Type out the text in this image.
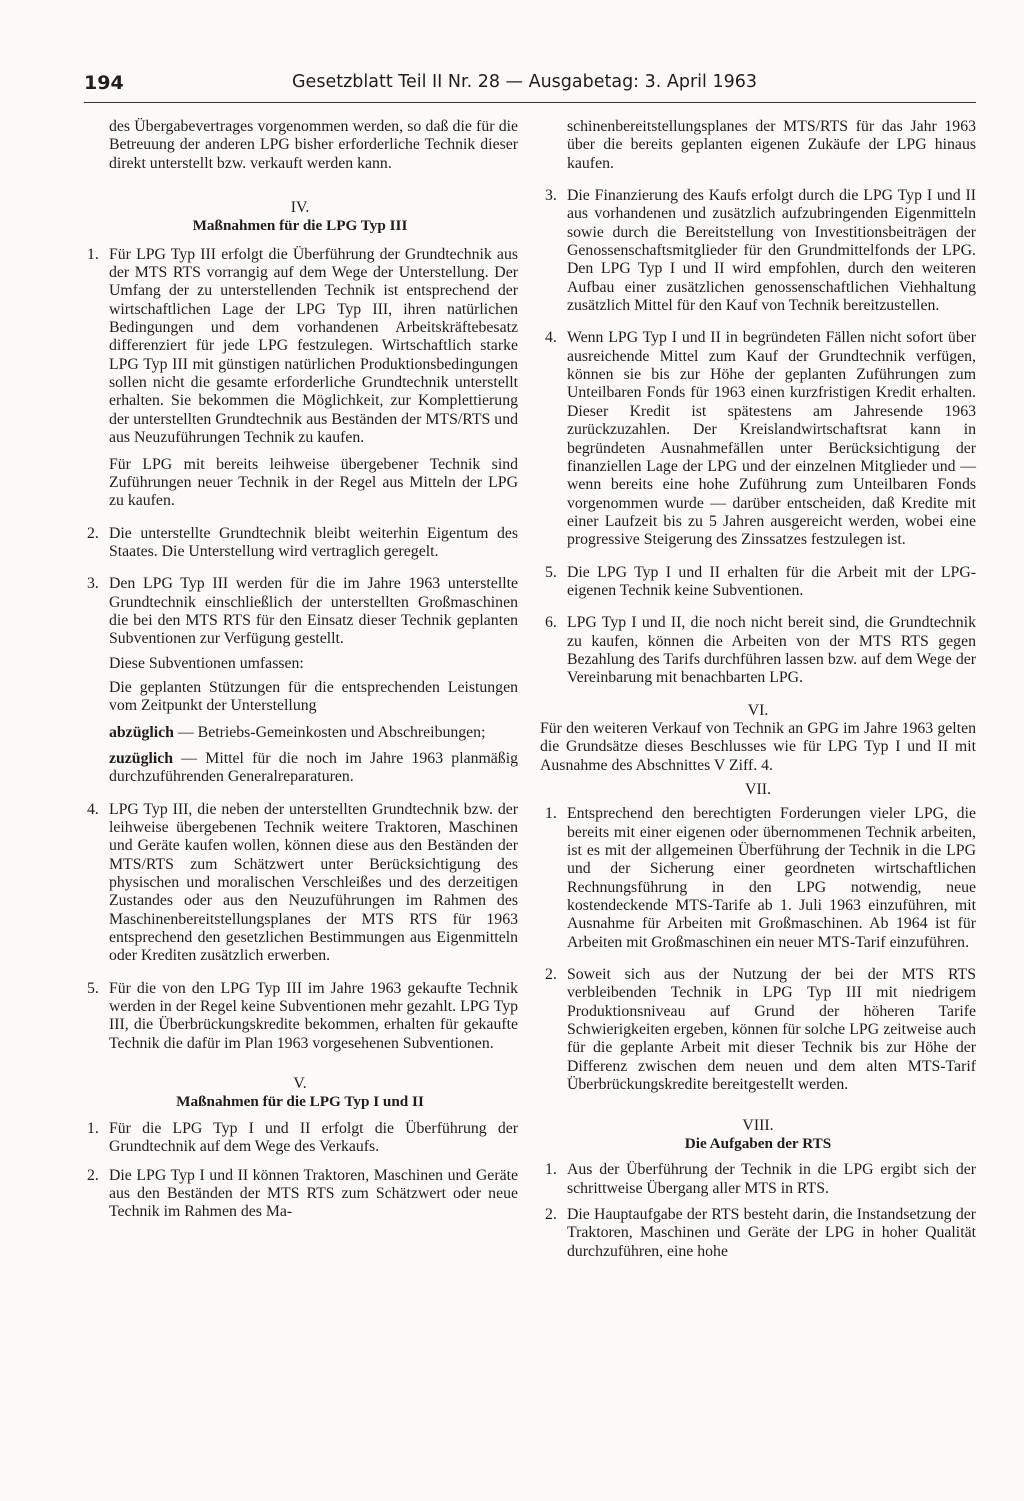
194	Gesetzblatt Teil II Nr. 28 — Ausgabetag: 3. April 1963

des Übergabevertrages vorgenommen werden, so daß die für die Betreuung der anderen LPG bisher erforderliche Technik dieser direkt unterstellt bzw. verkauft werden kann.

IV.
Maßnahmen für die LPG Typ III
1. Für LPG Typ III erfolgt die Überführung der Grundtechnik aus der MTS RTS vorrangig auf dem Wege der Unterstellung. Der Umfang der zu unterstellenden Technik ist entsprechend der wirtschaftlichen Lage der LPG Typ III, ihren natürlichen Bedingungen und dem vorhandenen Arbeitskräftebesatz differenziert für jede LPG festzulegen. Wirtschaftlich starke LPG Typ III mit günstigen natürlichen Produktionsbedingungen sollen nicht die gesamte erforderliche Grundtechnik unterstellt erhalten. Sie bekommen die Möglichkeit, zur Komplettierung der unterstellten Grundtechnik aus Beständen der MTS/RTS und aus Neuzuführungen Technik zu kaufen.

Für LPG mit bereits leihweise übergebener Technik sind Zuführungen neuer Technik in der Regel aus Mitteln der LPG zu kaufen.

2. Die unterstellte Grundtechnik bleibt weiterhin Eigentum des Staates. Die Unterstellung wird vertraglich geregelt.

3. Den LPG Typ III werden für die im Jahre 1963 unterstellte Grundtechnik einschließlich der unterstellten Großmaschinen die bei den MTS RTS für den Einsatz dieser Technik geplanten Subventionen zur Verfügung gestellt.

Diese Subventionen umfassen:

Die geplanten Stützungen für die entsprechenden Leistungen vom Zeitpunkt der Unterstellung

abzüglich — Betriebs-Gemeinkosten und Abschreibungen;

zuzüglich — Mittel für die noch im Jahre 1963 planmäßig durchzuführenden Generalreparaturen.

4. LPG Typ III, die neben der unterstellten Grundtechnik bzw. der leihweise übergebenen Technik weitere Traktoren, Maschinen und Geräte kaufen wollen, können diese aus den Beständen der MTS/RTS zum Schätzwert unter Berücksichtigung des physischen und moralischen Verschleißes und des derzeitigen Zustandes oder aus den Neuzuführungen im Rahmen des Maschinenbereitstellungsplanes der MTS RTS für 1963 entsprechend den gesetzlichen Bestimmungen aus Eigenmitteln oder Krediten zusätzlich erwerben.

5. Für die von den LPG Typ III im Jahre 1963 gekaufte Technik werden in der Regel keine Subventionen mehr gezahlt. LPG Typ III, die Überbrückungskredite bekommen, erhalten für gekaufte Technik die dafür im Plan 1963 vorgesehenen Subventionen.

V.
Maßnahmen für die LPG Typ I und II
1. Für die LPG Typ I und II erfolgt die Überführung der Grundtechnik auf dem Wege des Verkaufs.

2. Die LPG Typ I und II können Traktoren, Maschinen und Geräte aus den Beständen der MTS RTS zum Schätzwert oder neue Technik im Rahmen des Ma-

schinenbereitstellungsplanes der MTS/RTS für das Jahr 1963 über die bereits geplanten eigenen Zukäufe der LPG hinaus kaufen.

3. Die Finanzierung des Kaufs erfolgt durch die LPG Typ I und II aus vorhandenen und zusätzlich aufzubringenden Eigenmitteln sowie durch die Bereitstellung von Investitionsbeiträgen der Genossenschaftsmitglieder für den Grundmittelfonds der LPG. Den LPG Typ I und II wird empfohlen, durch den weiteren Aufbau einer zusätzlichen genossenschaftlichen Viehhaltung zusätzlich Mittel für den Kauf von Technik bereitzustellen.

4. Wenn LPG Typ I und II in begründeten Fällen nicht sofort über ausreichende Mittel zum Kauf der Grundtechnik verfügen, können sie bis zur Höhe der geplanten Zuführungen zum Unteilbaren Fonds für 1963 einen kurzfristigen Kredit erhalten. Dieser Kredit ist spätestens am Jahresende 1963 zurückzuzahlen. Der Kreislandwirtschaftsrat kann in begründeten Ausnahmefällen unter Berücksichtigung der finanziellen Lage der LPG und der einzelnen Mitglieder und — wenn bereits eine hohe Zuführung zum Unteilbaren Fonds vorgenommen wurde — darüber entscheiden, daß Kredite mit einer Laufzeit bis zu 5 Jahren ausgereicht werden, wobei eine progressive Steigerung des Zinssatzes festzulegen ist.

5. Die LPG Typ I und II erhalten für die Arbeit mit der LPG-eigenen Technik keine Subventionen.

6. LPG Typ I und II, die noch nicht bereit sind, die Grundtechnik zu kaufen, können die Arbeiten von der MTS RTS gegen Bezahlung des Tarifs durchführen lassen bzw. auf dem Wege der Vereinbarung mit benachbarten LPG.

VI.

Für den weiteren Verkauf von Technik an GPG im Jahre 1963 gelten die Grundsätze dieses Beschlusses wie für LPG Typ I und II mit Ausnahme des Abschnittes V Ziff. 4.

VII.
1. Entsprechend den berechtigten Forderungen vieler LPG, die bereits mit einer eigenen oder übernommenen Technik arbeiten, ist es mit der allgemeinen Überführung der Technik in die LPG und der Sicherung einer geordneten wirtschaftlichen Rechnungsführung in den LPG notwendig, neue kostendeckende MTS-Tarife ab 1. Juli 1963 einzuführen, mit Ausnahme für Arbeiten mit Großmaschinen. Ab 1964 ist für Arbeiten mit Großmaschinen ein neuer MTS-Tarif einzuführen.

2. Soweit sich aus der Nutzung der bei der MTS RTS verbleibenden Technik in LPG Typ III mit niedrigem Produktionsniveau auf Grund der höheren Tarife Schwierigkeiten ergeben, können für solche LPG zeitweise auch für die geplante Arbeit mit dieser Technik bis zur Höhe der Differenz zwischen dem neuen und dem alten MTS-Tarif Überbrückungskredite bereitgestellt werden.

VIII.
Die Aufgaben der RTS
1. Aus der Überführung der Technik in die LPG ergibt sich der schrittweise Übergang aller MTS in RTS.

2. Die Hauptaufgabe der RTS besteht darin, die Instandsetzung der Traktoren, Maschinen und Geräte der LPG in hoher Qualität durchzuführen, eine hohe
